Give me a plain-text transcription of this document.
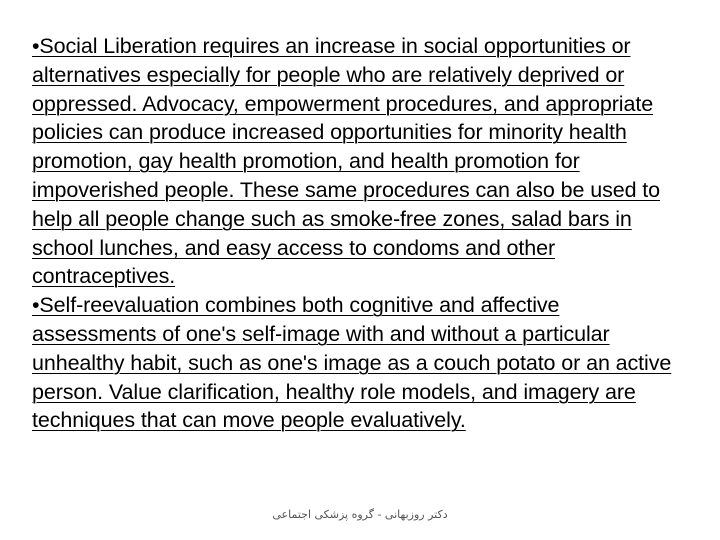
•Social Liberation requires an increase in social opportunities or alternatives especially for people who are relatively deprived or oppressed. Advocacy, empowerment procedures, and appropriate policies can produce increased opportunities for minority health promotion, gay health promotion, and health promotion for impoverished people. These same procedures can also be used to help all people change such as smoke-free zones, salad bars in school lunches, and easy access to condoms and other contraceptives.

•Self-reevaluation combines both cognitive and affective assessments of one's self-image with and without a particular unhealthy habit, such as one's image as a couch potato or an active person. Value clarification, healthy role models, and imagery are techniques that can move people evaluatively.

دکتر روزبهانی - گروه پزشکی اجتماعی
